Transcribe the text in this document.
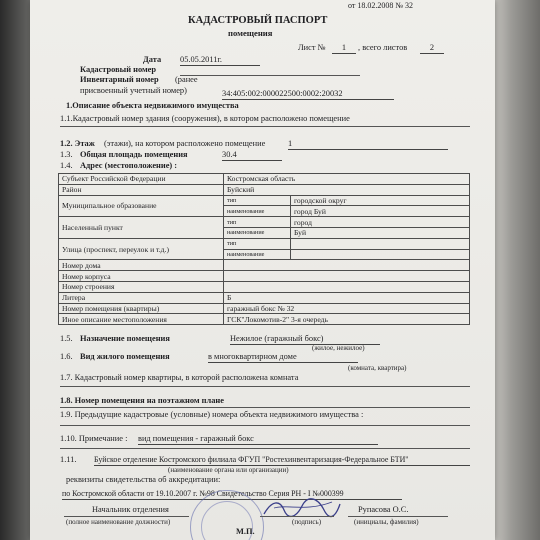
от 18.02.2008 № 32
КАДАСТРОВЫЙ ПАСПОРТ
помещения
Лист №	1	, всего листов	2
Дата 05.05.2011г.
Кадастровый номер
Инвентарный номер (ранее
присвоенный учетный номер)	34:405:002:000022500:0002:20032
1.Описание объекта недвижимого имущества
1.1.Кадастровый номер здания (сооружения), в котором расположено помещение
1.2. Этаж (этажи), на котором расположено помещение	1
1.3. Общая площадь помещения	30.4
1.4. Адрес (местоположение) :
Субъект Российской Федерации	Костромская область	
Район	Буйский	
Муниципальное образование	тип	городской округ
	наименование	город Буй
Населенный пункт	тип	город
	наименование	Буй
Улица (проспект, переулок и т.д.)	тип	
	наименование	
Номер дома		
Номер корпуса		
Номер строения		
Литера	Б	
Номер помещения (квартиры)	гаражный бокс № 32	
Иное описание местоположения	ГСК"Локомотив-2" 3-я очередь	
1.5. Назначение помещения	Нежилое (гаражный бокс)
(жилое, нежилое)
1.6. Вид жилого помещения	в многоквартирном доме
(комната, квартира)
1.7. Кадастровый номер квартиры, в которой расположена комната
1.8. Номер помещения на поэтажном плане
1.9. Предыдущие кадастровые (условные) номера объекта недвижимого имущества :
1.10. Примечание : вид помещения - гаражный бокс
1.11. Буйское отделение Костромского филиала ФГУП "Ростехинвентаризация-Федеральное БТИ"
(наименование органа или организации)
реквизиты свидетельства об аккредитации:
по Костромской области от 19.10.2007 г. №98 Свидетельство Серия РН - I №000399
Начальник отделения
(полное наименование должности)	(подпись)
Рупасова О.С.
(инициалы, фамилия)
М.П.
